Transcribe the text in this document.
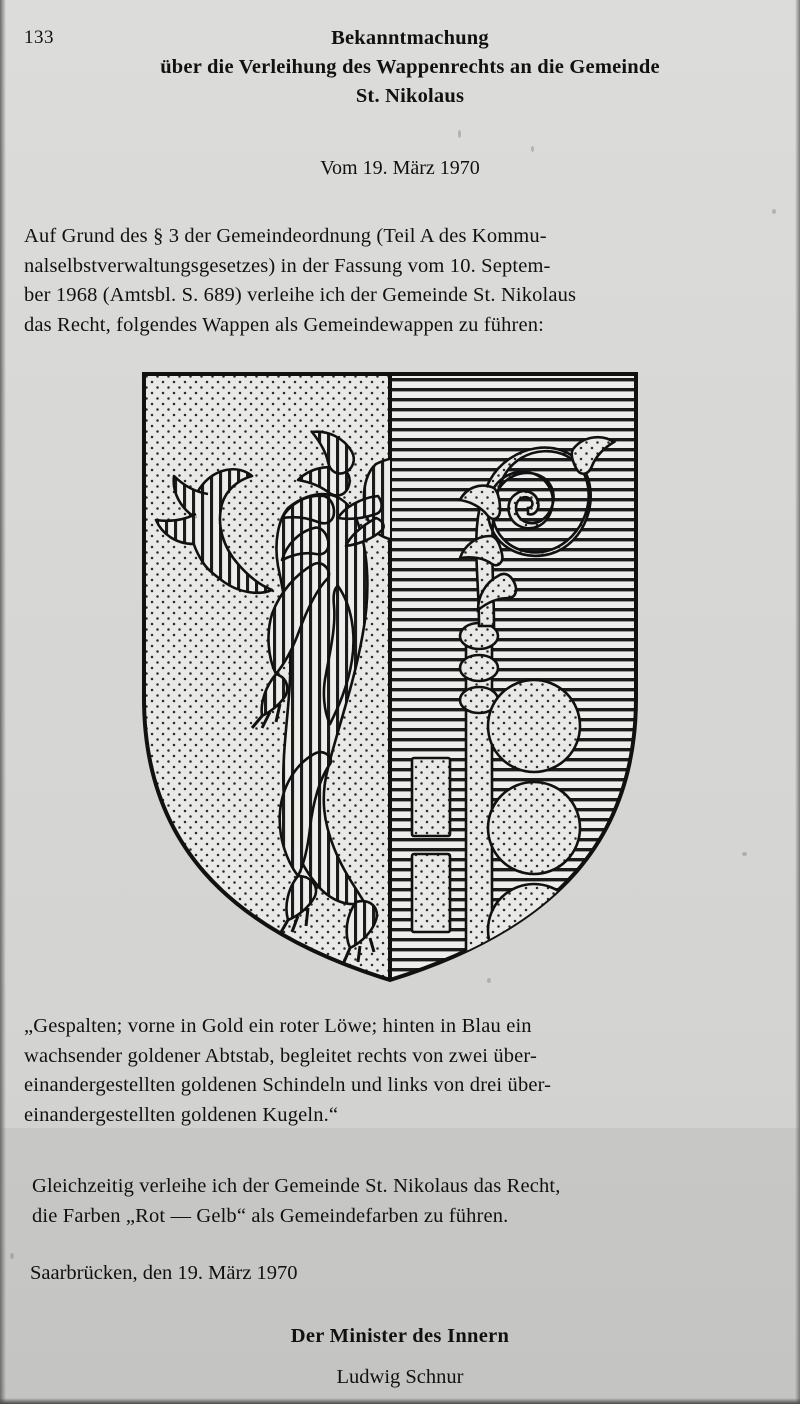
133	Bekanntmachung
über die Verleihung des Wappenrechts an die Gemeinde
St. Nikolaus
Vom 19. März 1970
Auf Grund des § 3 der Gemeindeordnung (Teil A des Kommu-
nalselbstverwaltungsgesetzes) in der Fassung vom 10. Septem-
ber 1968 (Amtsbl. S. 689) verleihe ich der Gemeinde St. Nikolaus
das Recht, folgendes Wappen als Gemeindewappen zu führen:
„Gespalten; vorne in Gold ein roter Löwe; hinten in Blau ein
wachsender goldener Abtstab, begleitet rechts von zwei über-
einandergestellten goldenen Schindeln und links von drei über-
einandergestellten goldenen Kugeln.“
Gleichzeitig verleihe ich der Gemeinde St. Nikolaus das Recht,
die Farben „Rot — Gelb“ als Gemeindefarben zu führen.
Saarbrücken, den 19. März 1970
Der Minister des Innern
Ludwig Schnur
